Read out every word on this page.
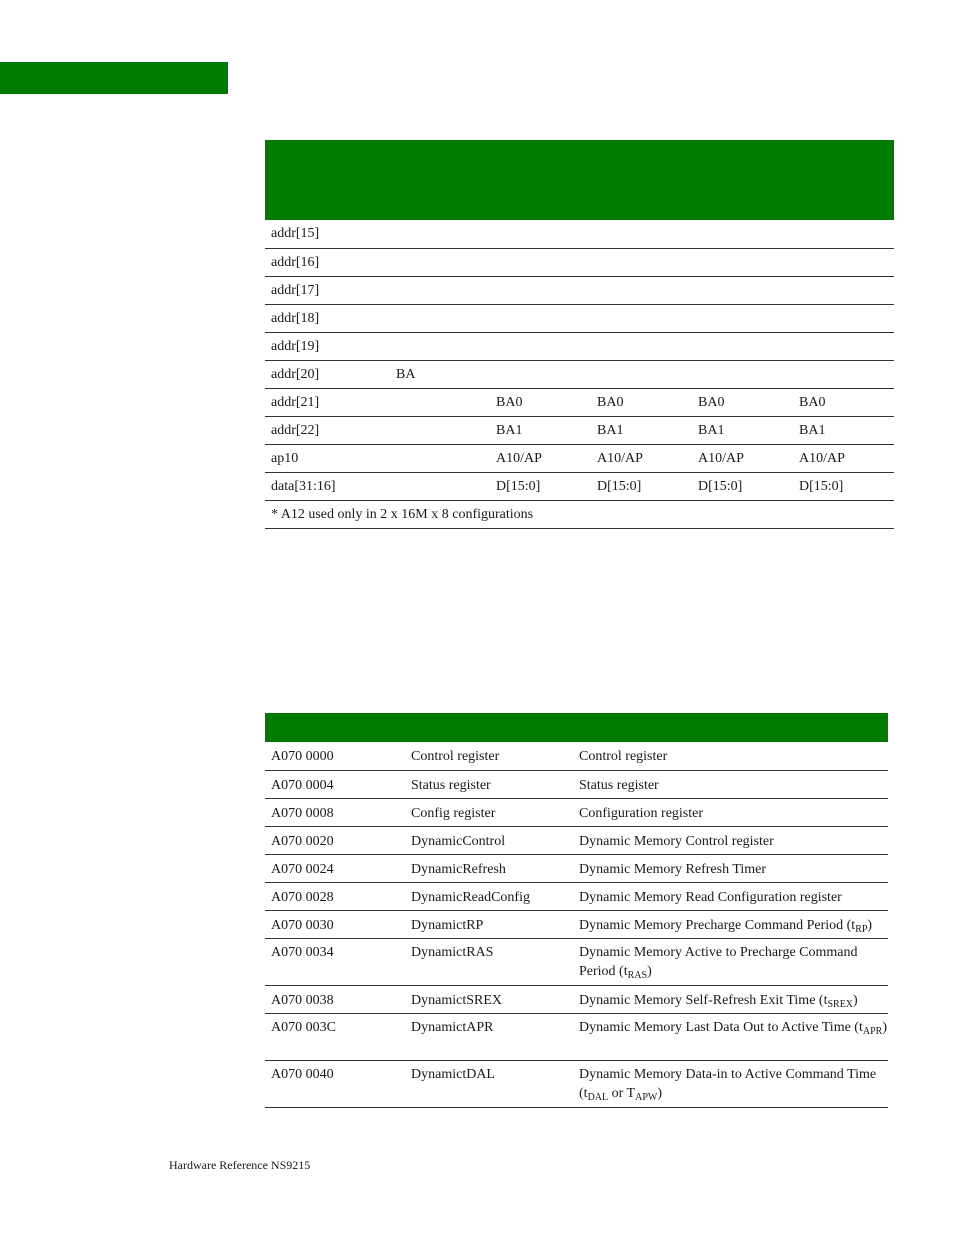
addr[15]					
addr[16]					
addr[17]					
addr[18]					
addr[19]					
addr[20]	BA				
addr[21]		BA0	BA0	BA0	BA0
addr[22]		BA1	BA1	BA1	BA1
ap10		A10/AP	A10/AP	A10/AP	A10/AP
data[31:16]		D[15:0]	D[15:0]	D[15:0]	D[15:0]
* A12 used only in 2 x 16M x 8 configurations					

A070 0000	Control register	Control register
A070 0004	Status register	Status register
A070 0008	Config register	Configuration register
A070 0020	DynamicControl	Dynamic Memory Control register
A070 0024	DynamicRefresh	Dynamic Memory Refresh Timer
A070 0028	DynamicReadConfig	Dynamic Memory Read Configuration register
A070 0030	DynamictRP	Dynamic Memory Precharge Command Period $(t_{RP})$
A070 0034	DynamictRAS	Dynamic Memory Active to Precharge Command Period $(t_{RAS})$
A070 0038	DynamictSREX	Dynamic Memory Self-Refresh Exit Time $(t_{SREX})$
A070 003C	DynamictAPR	Dynamic Memory Last Data Out to Active Time $(t_{APR})$
A070 0040	DynamictDAL	Dynamic Memory Data-in to Active Command Time ($t_{DAL}$ or $T_{APW}$)
Hardware Reference NS9215
